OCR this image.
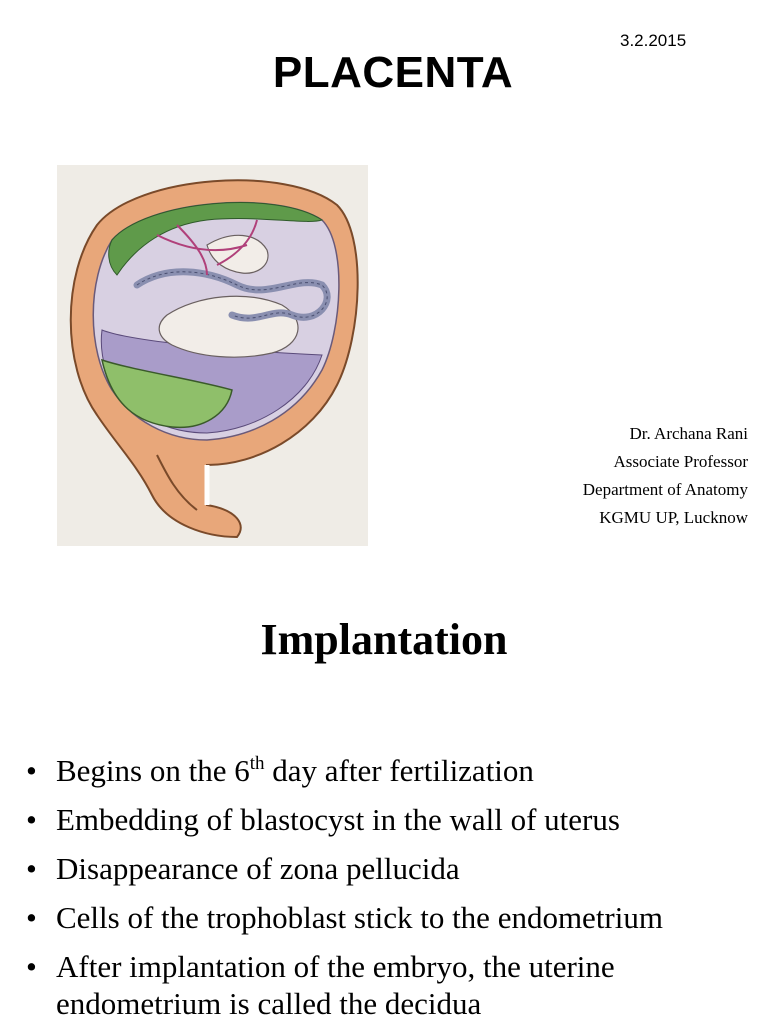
3.2.2015
PLACENTA
Dr. Archana Rani
Associate Professor
Department of Anatomy
KGMU UP, Lucknow
Implantation
• Begins on the 6th day after fertilization
• Embedding of blastocyst in the wall of uterus
• Disappearance of zona pellucida
• Cells of the trophoblast stick to the endometrium
• After implantation of the embryo, the uterine endometrium is called the decidua
